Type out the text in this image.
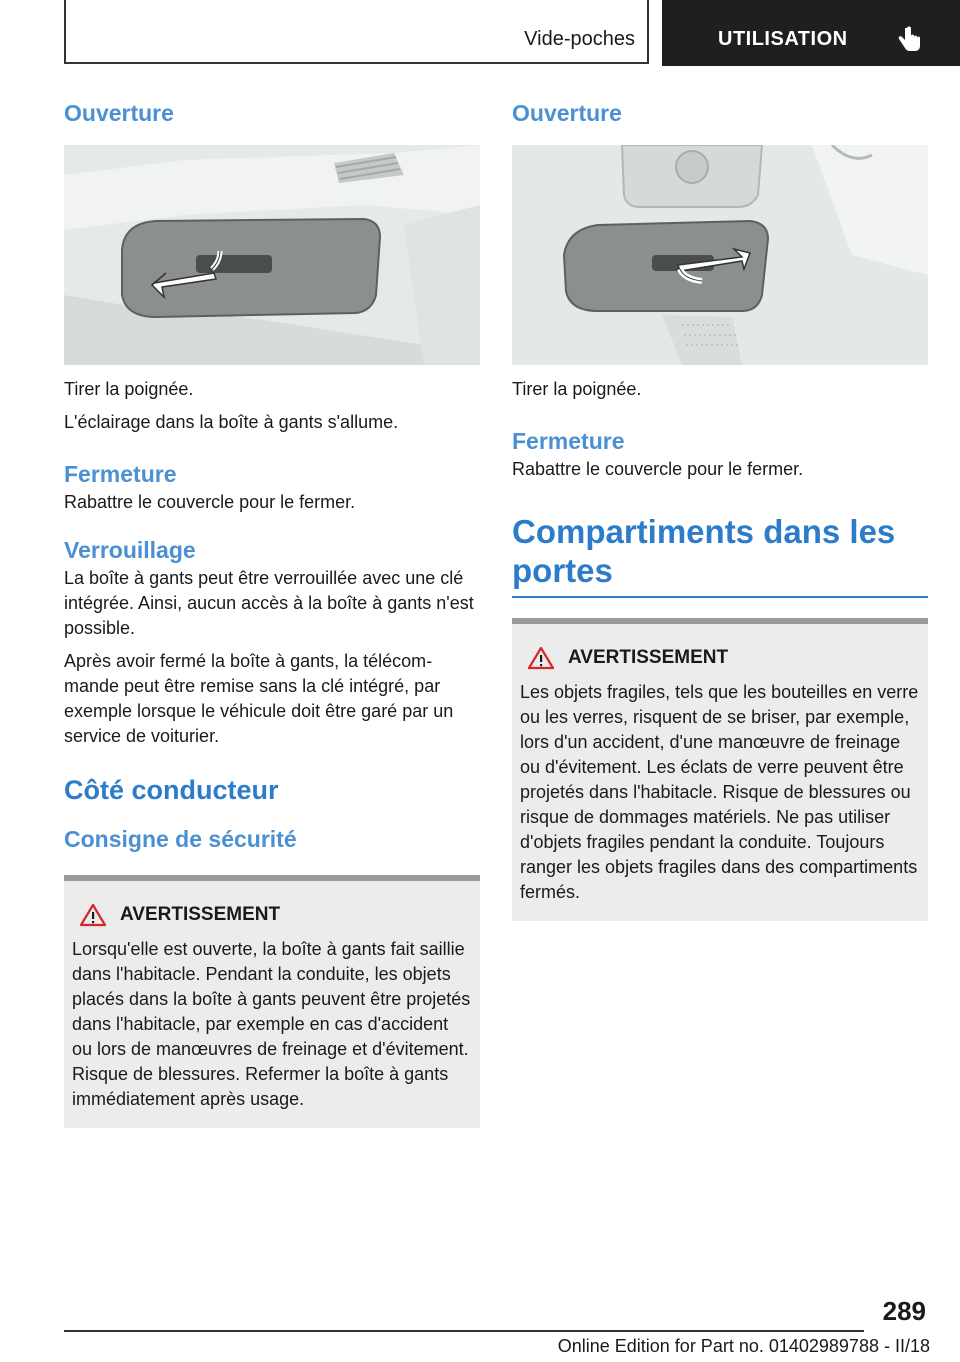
Vide-poches	UTILISATION
Ouverture

Tirer la poignée.

L'éclairage dans la boîte à gants s'allume.

Fermeture

Rabattre le couvercle pour le fermer.

Verrouillage

La boîte à gants peut être verrouillée avec une clé intégrée. Ainsi, aucun accès à la boîte à gants n'est possible.

Après avoir fermé la boîte à gants, la télécommande peut être remise sans la clé intégré, par exemple lorsque le véhicule doit être garé par un service de voiturier.

Côté conducteur
Consigne de sécurité
AVERTISSEMENT
Lorsqu'elle est ouverte, la boîte à gants fait saillie dans l'habitacle. Pendant la conduite, les objets placés dans la boîte à gants peuvent être projetés dans l'habitacle, par exemple en cas d'accident ou lors de manœuvres de freinage et d'évitement. Risque de blessures. Refermer la boîte à gants immédiatement après usage.
Ouverture

Tirer la poignée.

Fermeture

Rabattre le couvercle pour le fermer.

Compartiments dans les portes
AVERTISSEMENT
Les objets fragiles, tels que les bouteilles en verre ou les verres, risquent de se briser, par exemple, lors d'un accident, d'une manœuvre de freinage ou d'évitement. Les éclats de verre peuvent être projetés dans l'habitacle. Risque de blessures ou risque de dommages matériels. Ne pas utiliser d'objets fragiles pendant la conduite. Toujours ranger les objets fragiles dans des compartiments fermés.
289
Online Edition for Part no. 01402989788 - II/18
